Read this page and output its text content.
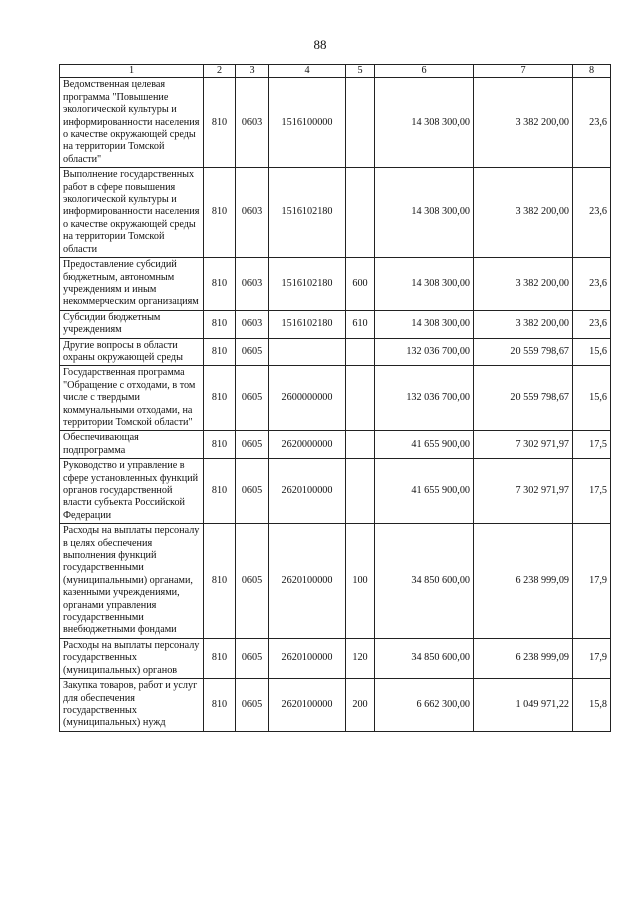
88
1	2	3	4	5	6	7	8
Ведомственная целевая программа "Повышение экологической культуры и информированности населения о качестве окружающей среды на территории Томской области"	810	0603	1516100000		14 308 300,00	3 382 200,00	23,6
Выполнение государственных работ в сфере повышения экологической культуры и информированности населения о качестве окружающей среды на территории Томской области	810	0603	1516102180		14 308 300,00	3 382 200,00	23,6
Предоставление субсидий бюджетным, автономным учреждениям и иным некоммерческим организациям	810	0603	1516102180	600	14 308 300,00	3 382 200,00	23,6
Субсидии бюджетным учреждениям	810	0603	1516102180	610	14 308 300,00	3 382 200,00	23,6
Другие вопросы в области охраны окружающей среды	810	0605			132 036 700,00	20 559 798,67	15,6
Государственная программа "Обращение с отходами, в том числе с твердыми коммунальными отходами, на территории Томской области"	810	0605	2600000000		132 036 700,00	20 559 798,67	15,6
Обеспечивающая подпрограмма	810	0605	2620000000		41 655 900,00	7 302 971,97	17,5
Руководство и управление в сфере установленных функций органов государственной власти субъекта Российской Федерации	810	0605	2620100000		41 655 900,00	7 302 971,97	17,5
Расходы на выплаты персоналу в целях обеспечения выполнения функций государственными (муниципальными) органами, казенными учреждениями, органами управления государственными внебюджетными фондами	810	0605	2620100000	100	34 850 600,00	6 238 999,09	17,9
Расходы на выплаты персоналу государственных (муниципальных) органов	810	0605	2620100000	120	34 850 600,00	6 238 999,09	17,9
Закупка товаров, работ и услуг для обеспечения государственных (муниципальных) нужд	810	0605	2620100000	200	6 662 300,00	1 049 971,22	15,8
